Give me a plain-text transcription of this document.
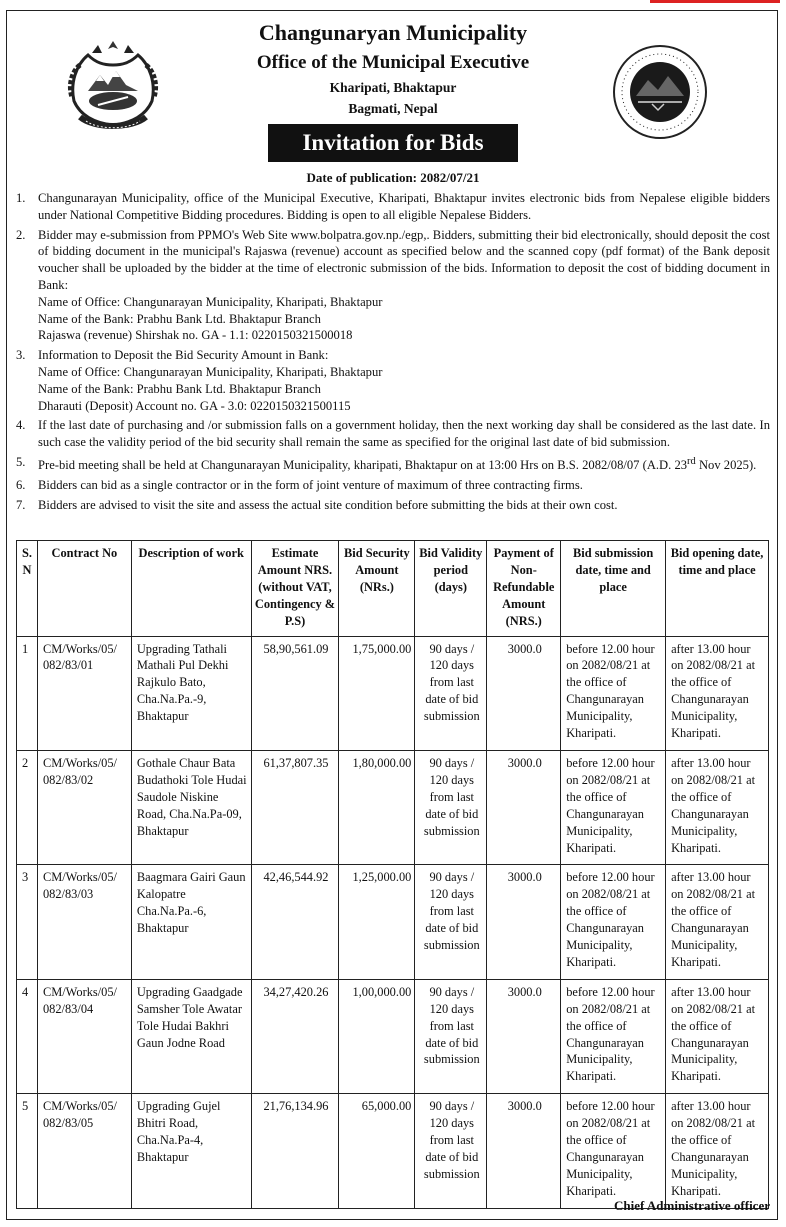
Changunaryan Municipality
Office of the Municipal Executive
Kharipati, Bhaktapur
Bagmati, Nepal
Invitation for Bids
Date of publication: 2082/07/21
1. Changunarayan Municipality, office of the Municipal Executive, Kharipati, Bhaktapur invites electronic bids from Nepalese eligible bidders under National Competitive Bidding procedures. Bidding is open to all eligible Nepalese Bidders.
2. Bidder may e-submission from PPMO's Web Site www.bolpatra.gov.np./egp,. Bidders, submitting their bid electronically, should deposit the cost of bidding document in the municipal's Rajaswa (revenue) account as specified below and the scanned copy (pdf format) of the Bank deposit voucher shall be uploaded by the bidder at the time of electronic submission of the bids. Information to deposit the cost of bidding document in Bank:
Name of Office: Changunarayan Municipality, Kharipati, Bhaktapur
Name of the Bank: Prabhu Bank Ltd. Bhaktapur Branch
Rajaswa (revenue) Shirshak no. GA - 1.1: 0220150321500018
3. Information to Deposit the Bid Security Amount in Bank:
Name of Office: Changunarayan Municipality, Kharipati, Bhaktapur
Name of the Bank: Prabhu Bank Ltd. Bhaktapur Branch
Dharauti (Deposit) Account no. GA - 3.0: 0220150321500115
4. If the last date of purchasing and /or submission falls on a government holiday, then the next working day shall be considered as the last date. In such case the validity period of the bid security shall remain the same as specified for the original last date of bid submission.
5. Pre-bid meeting shall be held at Changunarayan Municipality, kharipati, Bhaktapur on at 13:00 Hrs on B.S. 2082/08/07 (A.D. 23rd Nov 2025).
6. Bidders can bid as a single contractor or in the form of joint venture of maximum of three contracting firms.
7. Bidders are advised to visit the site and assess the actual site condition before submitting the bids at their own cost.
S. N	Contract No	Description of work	Estimate Amount NRS. (without VAT, Contingency & P.S)	Bid Security Amount (NRs.)	Bid Validity period (days)	Payment of Non-Refundable Amount (NRS.)	Bid submission date, time and place	Bid opening date, time and place
1	CM/Works/05/ 082/83/01	Upgrading Tathali Mathali Pul Dekhi Rajkulo Bato, Cha.Na.Pa.-9, Bhaktapur	58,90,561.09	1,75,000.00	90 days / 120 days from last date of bid submission	3000.0	before 12.00 hour on 2082/08/21 at the office of Changunarayan Municipality, Kharipati.	after 13.00 hour on 2082/08/21 at the office of Changunarayan Municipality, Kharipati.
2	CM/Works/05/ 082/83/02	Gothale Chaur Bata Budathoki Tole Hudai Saudole Niskine Road, Cha.Na.Pa-09, Bhaktapur	61,37,807.35	1,80,000.00	90 days / 120 days from last date of bid submission	3000.0	before 12.00 hour on 2082/08/21 at the office of Changunarayan Municipality, Kharipati.	after 13.00 hour on 2082/08/21 at the office of Changunarayan Municipality, Kharipati.
3	CM/Works/05/ 082/83/03	Baagmara Gairi Gaun Kalopatre Cha.Na.Pa.-6, Bhaktapur	42,46,544.92	1,25,000.00	90 days / 120 days from last date of bid submission	3000.0	before 12.00 hour on 2082/08/21 at the office of Changunarayan Municipality, Kharipati.	after 13.00 hour on 2082/08/21 at the office of Changunarayan Municipality, Kharipati.
4	CM/Works/05/ 082/83/04	Upgrading Gaadgade Samsher Tole Awatar Tole Hudai Bakhri Gaun Jodne Road	34,27,420.26	1,00,000.00	90 days / 120 days from last date of bid submission	3000.0	before 12.00 hour on 2082/08/21 at the office of Changunarayan Municipality, Kharipati.	after 13.00 hour on 2082/08/21 at the office of Changunarayan Municipality, Kharipati.
5	CM/Works/05/ 082/83/05	Upgrading Gujel Bhitri Road, Cha.Na.Pa-4, Bhaktapur	21,76,134.96	65,000.00	90 days / 120 days from last date of bid submission	3000.0	before 12.00 hour on 2082/08/21 at the office of Changunarayan Municipality, Kharipati.	after 13.00 hour on 2082/08/21 at the office of Changunarayan Municipality, Kharipati.
Chief Administrative officer
